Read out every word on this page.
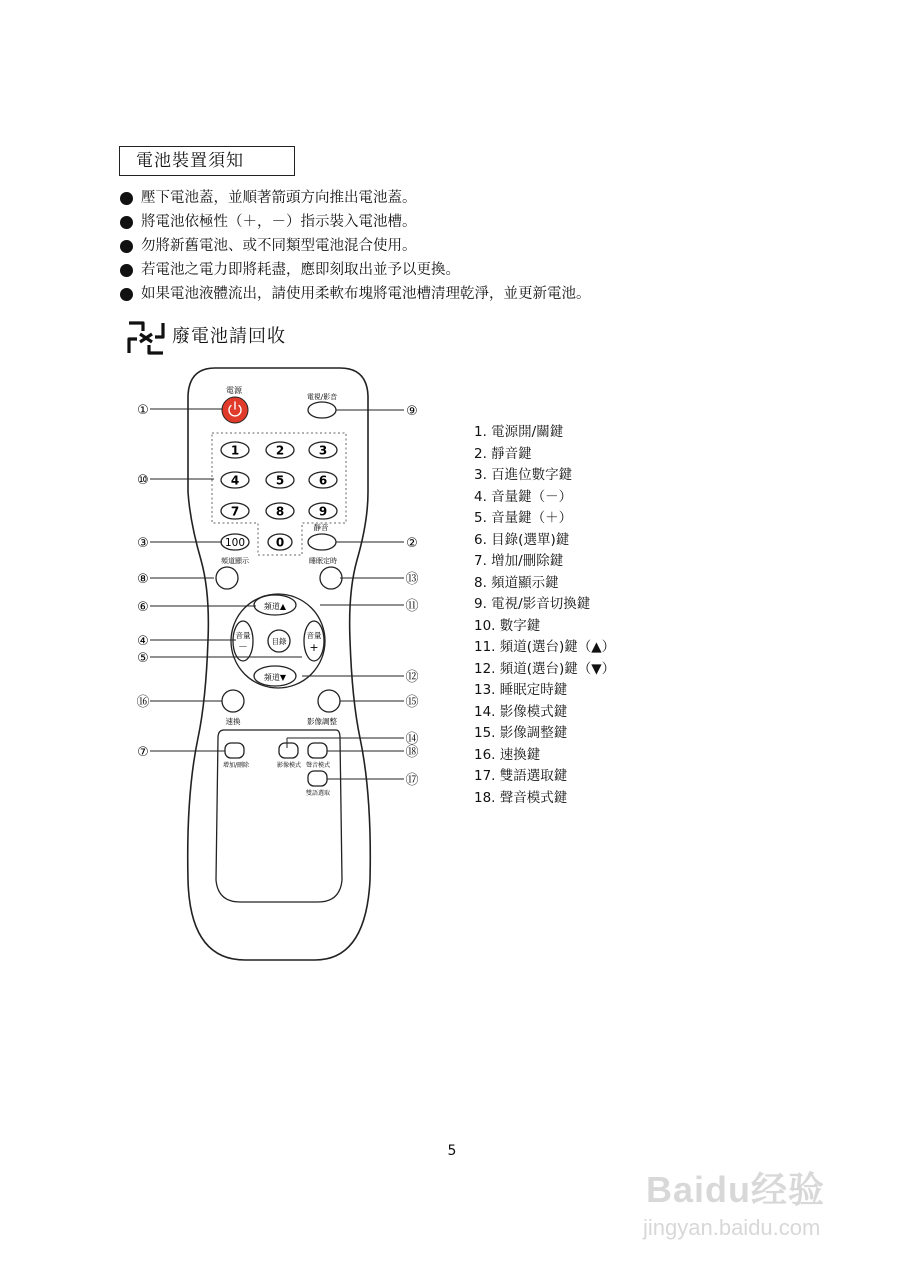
電池裝置須知
壓下電池蓋，並順著箭頭方向推出電池蓋。
將電池依極性（＋，－）指示裝入電池槽。
勿將新舊電池、或不同類型電池混合使用。
若電池之電力即將耗盡，應即刻取出並予以更換。
如果電池液體流出，請使用柔軟布塊將電池槽清理乾淨，並更新電池。
廢電池請回收
電源
電視/影音
1	2	3
4	5	6
7	8	9
100	0
靜音
頻道顯示	睡眠定時
頻道▲
頻道▼
音量
－
音量
+
目錄
速換	影像調整
增加/刪除	影像模式 聲音模式
雙語選取
①	⑨
⑩
③	②
⑧	⑬
⑥	⑪
④
⑤
⑫
⑯	⑮
⑦
⑭
⑱
⑰
1. 電源開/關鍵
2. 靜音鍵
3. 百進位數字鍵
4. 音量鍵（－）
5. 音量鍵（＋）
6. 目錄(選單)鍵
7. 增加/刪除鍵
8. 頻道顯示鍵
9. 電視/影音切換鍵
10. 數字鍵
11. 頻道(選台)鍵（▲）
12. 頻道(選台)鍵（▼）
13. 睡眠定時鍵
14. 影像模式鍵
15. 影像調整鍵
16. 速換鍵
17. 雙語選取鍵
18. 聲音模式鍵
5
Baidu经验
jingyan.baidu.com
